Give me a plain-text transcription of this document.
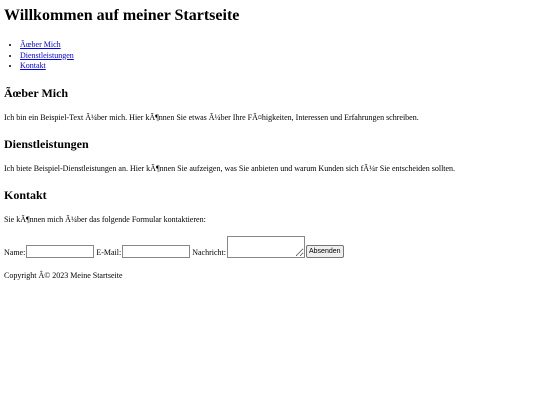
Willkommen auf meiner Startseite
• Ãœber Mich
• Dienstleistungen
• Kontakt
Ãœber Mich

Ich bin ein Beispiel-Text Ã¼ber mich. Hier kÃ¶nnen Sie etwas Ã¼ber Ihre FÃ¤higkeiten, Interessen und Erfahrungen schreiben.

Dienstleistungen

Ich biete Beispiel-Dienstleistungen an. Hier kÃ¶nnen Sie aufzeigen, was Sie anbieten und warum Kunden sich fÃ¼r Sie entscheiden sollten.

Kontakt

Sie kÃ¶nnen mich Ã¼ber das folgende Formular kontaktieren:

Name:	E-Mail:	Nachricht:	Absenden
Copyright Â© 2023 Meine Startseite
